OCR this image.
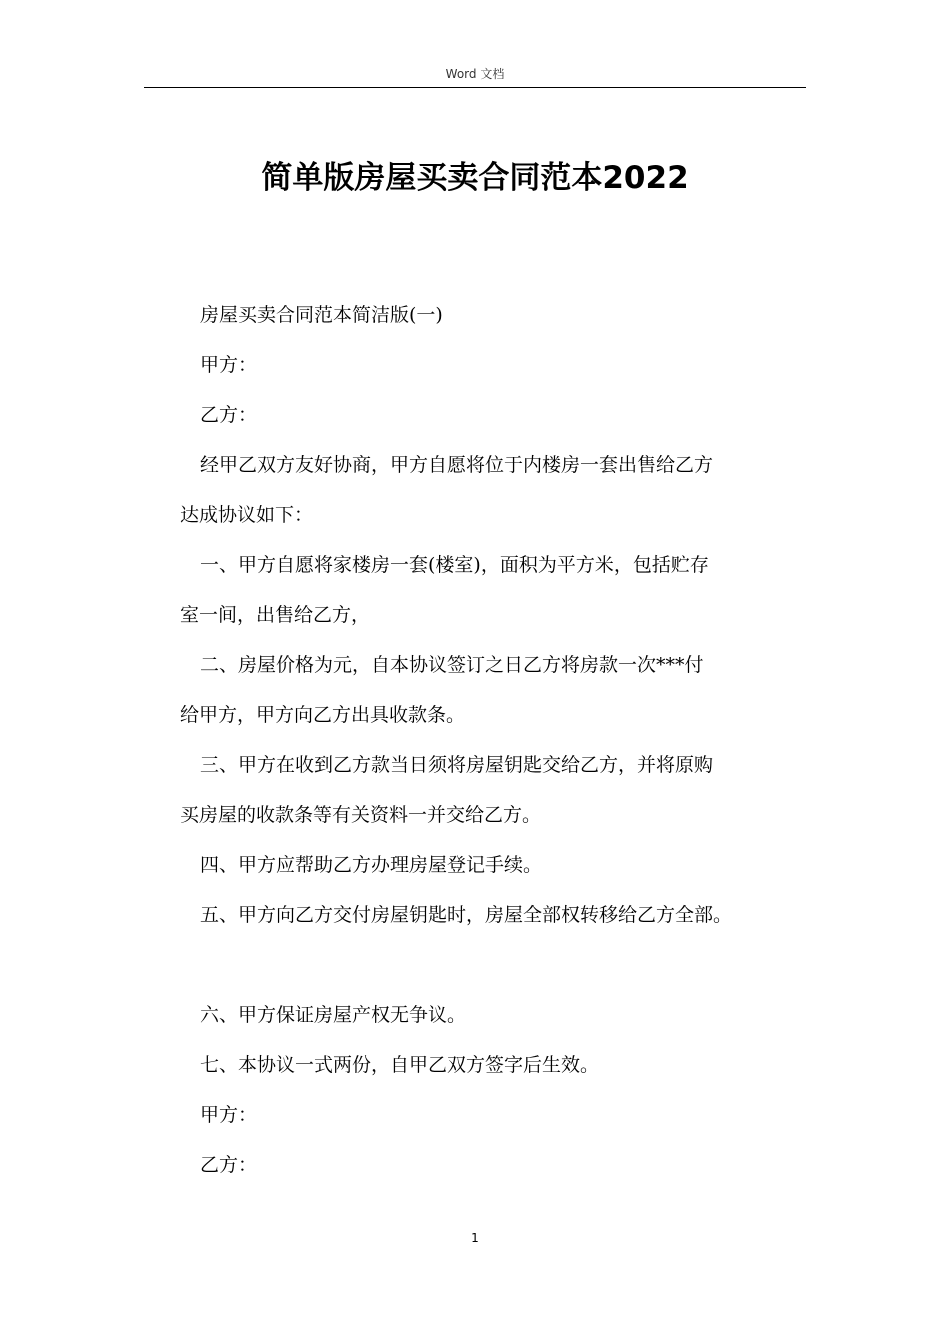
Word 文档
简单版房屋买卖合同范本2022
房屋买卖合同范本简洁版(一)
甲方：
乙方：
经甲乙双方友好协商，甲方自愿将位于内楼房一套出售给乙方
达成协议如下：
一、甲方自愿将家楼房一套(楼室)，面积为平方米，包括贮存
室一间，出售给乙方，
二、房屋价格为元，自本协议签订之日乙方将房款一次***付
给甲方，甲方向乙方出具收款条。
三、甲方在收到乙方款当日须将房屋钥匙交给乙方，并将原购
买房屋的收款条等有关资料一并交给乙方。
四、甲方应帮助乙方办理房屋登记手续。
五、甲方向乙方交付房屋钥匙时，房屋全部权转移给乙方全部。
六、甲方保证房屋产权无争议。
七、本协议一式两份，自甲乙双方签字后生效。
甲方：
乙方：
1
